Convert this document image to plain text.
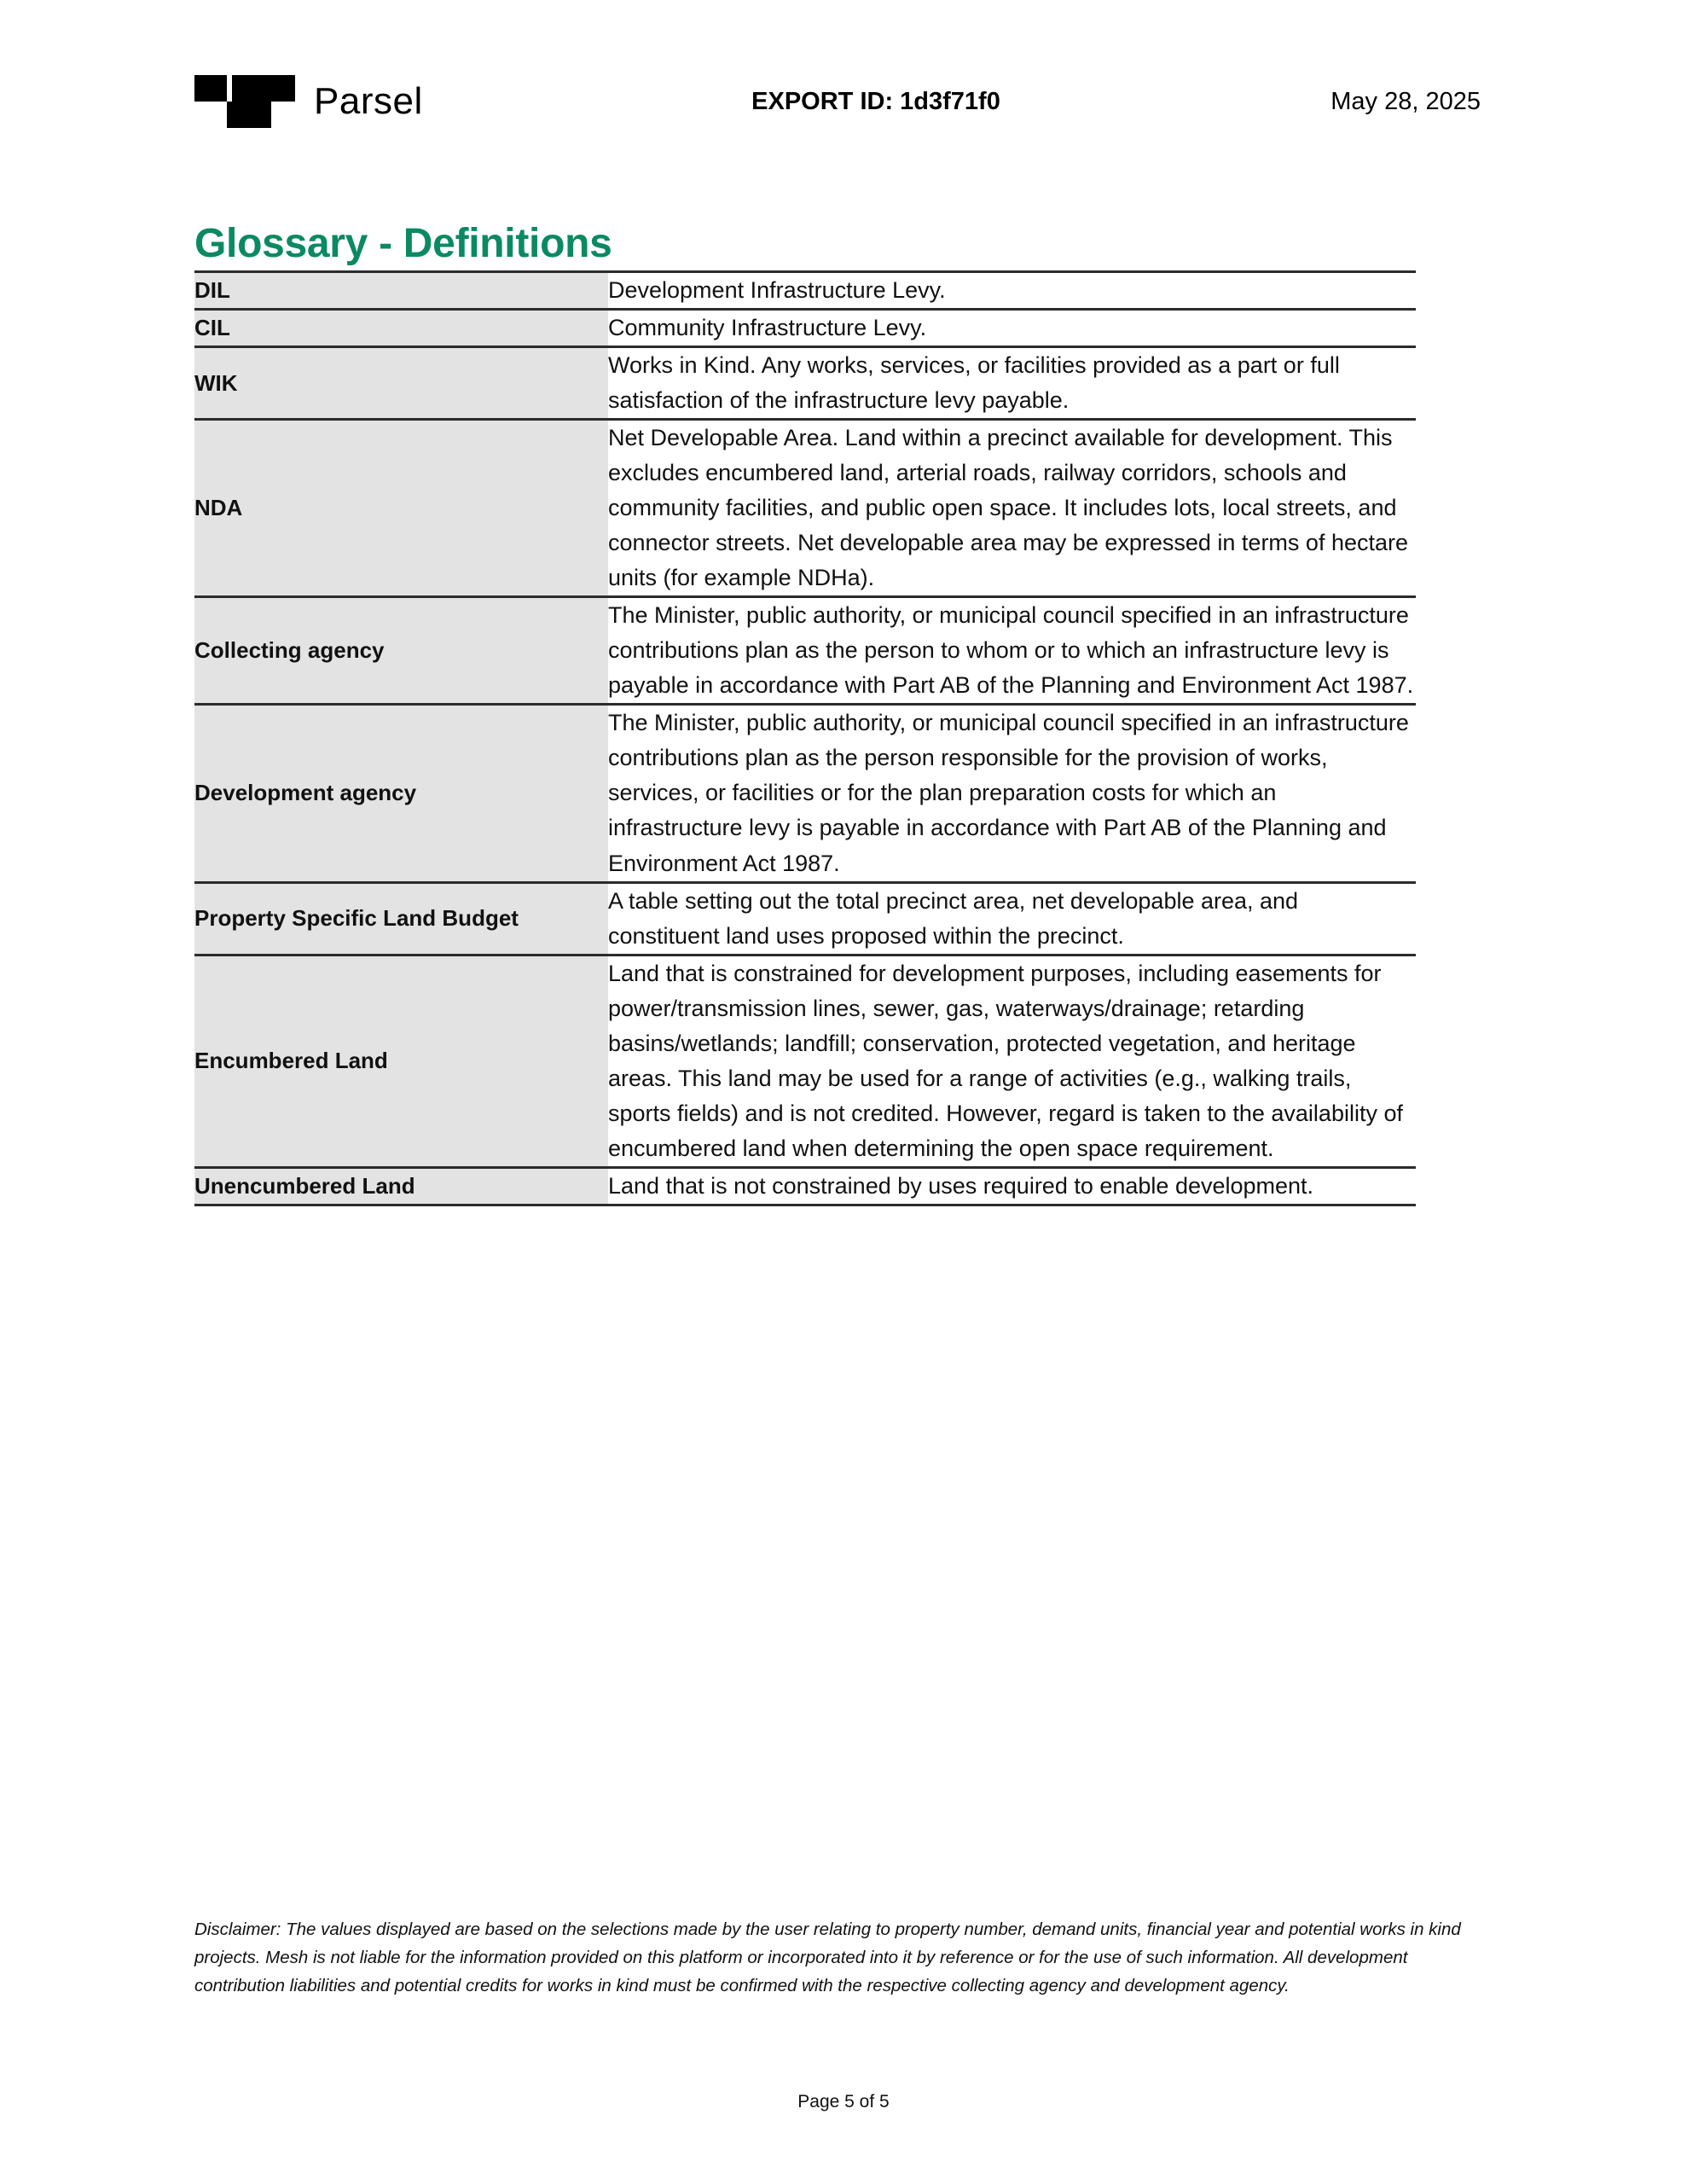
Parsel	EXPORT ID: 1d3f71f0	May 28, 2025
Glossary - Definitions
DIL	Development Infrastructure Levy.
CIL	Community Infrastructure Levy.
WIK	Works in Kind. Any works, services, or facilities provided as a part or full satisfaction of the infrastructure levy payable.
NDA	Net Developable Area. Land within a precinct available for development. This excludes encumbered land, arterial roads, railway corridors, schools and community facilities, and public open space. It includes lots, local streets, and connector streets. Net developable area may be expressed in terms of hectare units (for example NDHa).
Collecting agency	The Minister, public authority, or municipal council specified in an infrastructure contributions plan as the person to whom or to which an infrastructure levy is payable in accordance with Part AB of the Planning and Environment Act 1987.
Development agency	The Minister, public authority, or municipal council specified in an infrastructure contributions plan as the person responsible for the provision of works, services, or facilities or for the plan preparation costs for which an infrastructure levy is payable in accordance with Part AB of the Planning and Environment Act 1987.
Property Specific Land Budget	A table setting out the total precinct area, net developable area, and constituent land uses proposed within the precinct.
Encumbered Land	Land that is constrained for development purposes, including easements for power/transmission lines, sewer, gas, waterways/drainage; retarding basins/wetlands; landfill; conservation, protected vegetation, and heritage areas. This land may be used for a range of activities (e.g., walking trails, sports fields) and is not credited. However, regard is taken to the availability of encumbered land when determining the open space requirement.
Unencumbered Land	Land that is not constrained by uses required to enable development.
Disclaimer: The values displayed are based on the selections made by the user relating to property number, demand units, financial year and potential works in kind projects. Mesh is not liable for the information provided on this platform or incorporated into it by reference or for the use of such information. All development contribution liabilities and potential credits for works in kind must be confirmed with the respective collecting agency and development agency.
Page 5 of 5
